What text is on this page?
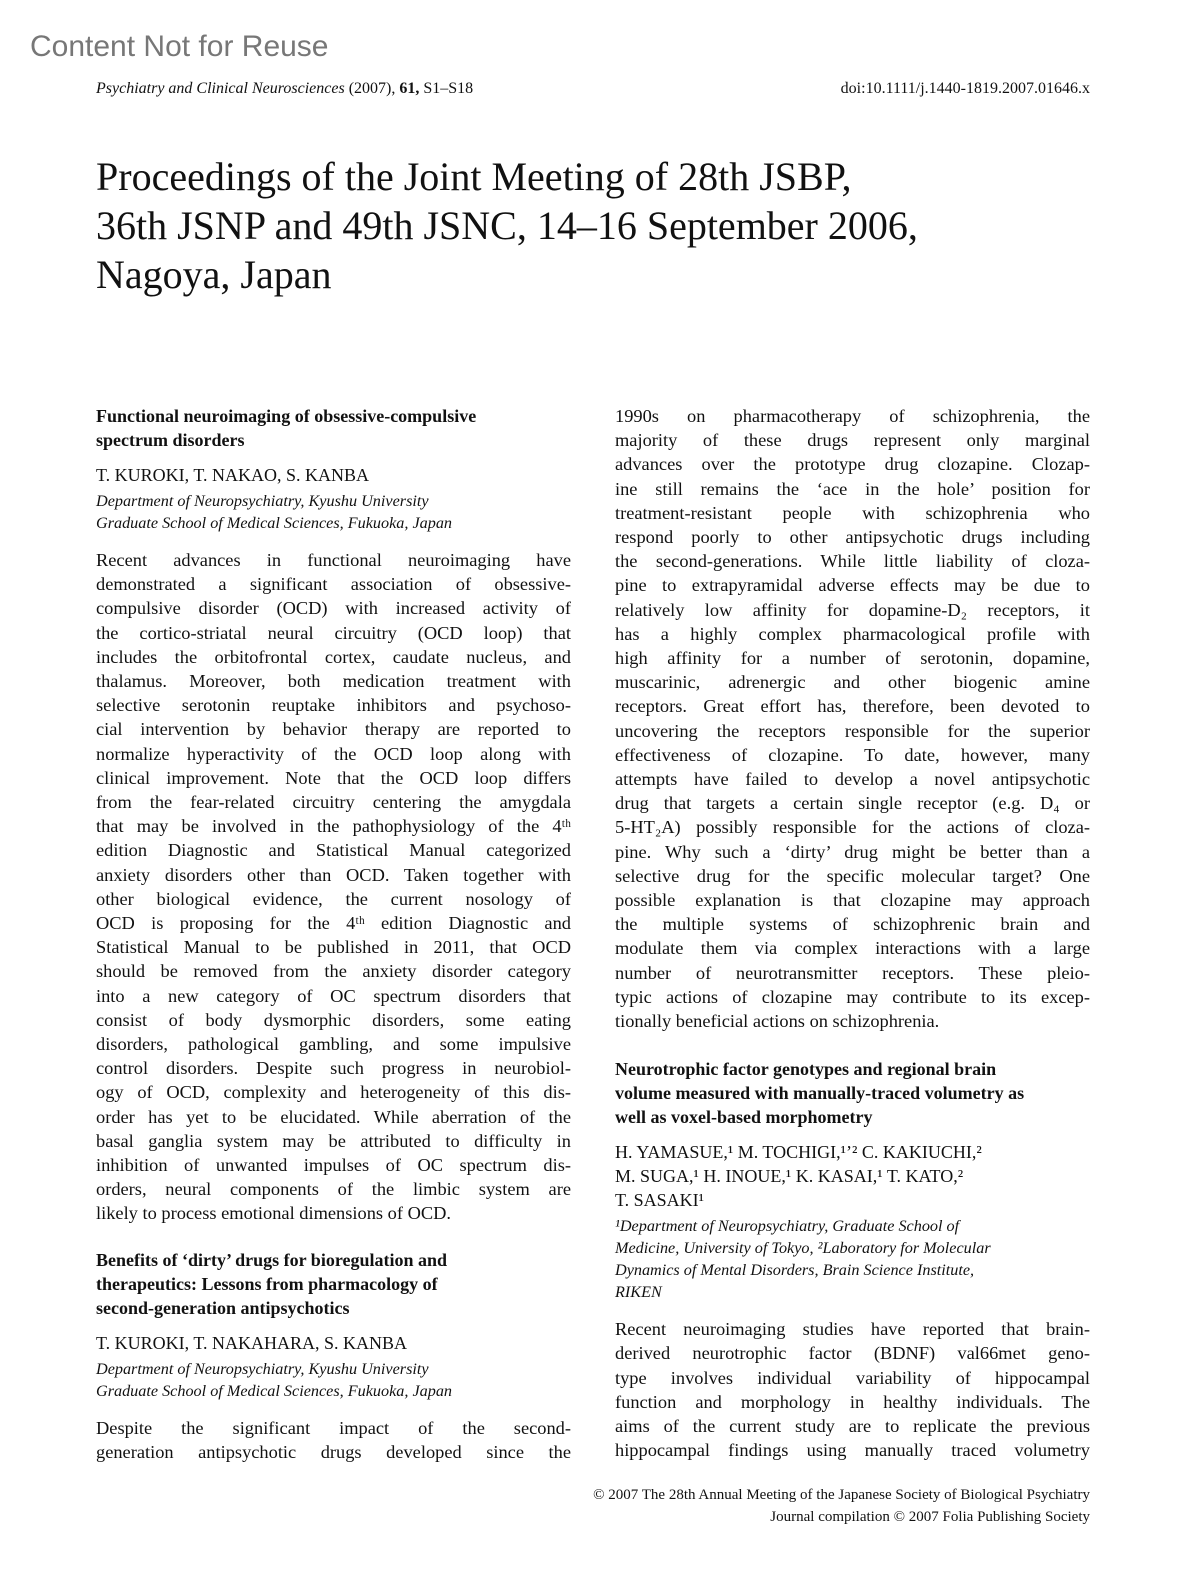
Content Not for Reuse
Psychiatry and Clinical Neurosciences (2007), 61, S1–S18	doi:10.1111/j.1440-1819.2007.01646.x
Proceedings of the Joint Meeting of 28th JSBP,
36th JSNP and 49th JSNC, 14–16 September 2006,
Nagoya, Japan
Functional neuroimaging of obsessive-compulsive
spectrum disorders
T. KUROKI, T. NAKAO, S. KANBA
Department of Neuropsychiatry, Kyushu University
Graduate School of Medical Sciences, Fukuoka, Japan
Recent advances in functional neuroimaging have
demonstrated a significant association of obsessive-
compulsive disorder (OCD) with increased activity of
the cortico-striatal neural circuitry (OCD loop) that
includes the orbitofrontal cortex, caudate nucleus, and
thalamus. Moreover, both medication treatment with
selective serotonin reuptake inhibitors and psychoso-
cial intervention by behavior therapy are reported to
normalize hyperactivity of the OCD loop along with
clinical improvement. Note that the OCD loop differs
from the fear-related circuitry centering the amygdala
that may be involved in the pathophysiology of the 4ᵗʰ
edition Diagnostic and Statistical Manual categorized
anxiety disorders other than OCD. Taken together with
other biological evidence, the current nosology of
OCD is proposing for the 4ᵗʰ edition Diagnostic and
Statistical Manual to be published in 2011, that OCD
should be removed from the anxiety disorder category
into a new category of OC spectrum disorders that
consist of body dysmorphic disorders, some eating
disorders, pathological gambling, and some impulsive
control disorders. Despite such progress in neurobiol-
ogy of OCD, complexity and heterogeneity of this dis-
order has yet to be elucidated. While aberration of the
basal ganglia system may be attributed to difficulty in
inhibition of unwanted impulses of OC spectrum dis-
orders, neural components of the limbic system are
likely to process emotional dimensions of OCD.
Benefits of ‘dirty’ drugs for bioregulation and
therapeutics: Lessons from pharmacology of
second-generation antipsychotics
T. KUROKI, T. NAKAHARA, S. KANBA
Department of Neuropsychiatry, Kyushu University
Graduate School of Medical Sciences, Fukuoka, Japan
Despite the significant impact of the second-
generation antipsychotic drugs developed since the
1990s on pharmacotherapy of schizophrenia, the
majority of these drugs represent only marginal
advances over the prototype drug clozapine. Clozap-
ine still remains the ‘ace in the hole’ position for
treatment-resistant people with schizophrenia who
respond poorly to other antipsychotic drugs including
the second-generations. While little liability of cloza-
pine to extrapyramidal adverse effects may be due to
relatively low affinity for dopamine-D₂ receptors, it
has a highly complex pharmacological profile with
high affinity for a number of serotonin, dopamine,
muscarinic, adrenergic and other biogenic amine
receptors. Great effort has, therefore, been devoted to
uncovering the receptors responsible for the superior
effectiveness of clozapine. To date, however, many
attempts have failed to develop a novel antipsychotic
drug that targets a certain single receptor (e.g. D₄ or
5-HT₂A) possibly responsible for the actions of cloza-
pine. Why such a ‘dirty’ drug might be better than a
selective drug for the specific molecular target? One
possible explanation is that clozapine may approach
the multiple systems of schizophrenic brain and
modulate them via complex interactions with a large
number of neurotransmitter receptors. These pleio-
typic actions of clozapine may contribute to its excep-
tionally beneficial actions on schizophrenia.
Neurotrophic factor genotypes and regional brain
volume measured with manually-traced volumetry as
well as voxel-based morphometry
H. YAMASUE,¹ M. TOCHIGI,¹ʼ² C. KAKIUCHI,²
M. SUGA,¹ H. INOUE,¹ K. KASAI,¹ T. KATO,²
T. SASAKI¹
¹Department of Neuropsychiatry, Graduate School of
Medicine, University of Tokyo, ²Laboratory for Molecular
Dynamics of Mental Disorders, Brain Science Institute,
RIKEN
Recent neuroimaging studies have reported that brain-
derived neurotrophic factor (BDNF) val66met geno-
type involves individual variability of hippocampal
function and morphology in healthy individuals. The
aims of the current study are to replicate the previous
hippocampal findings using manually traced volumetry
© 2007 The 28th Annual Meeting of the Japanese Society of Biological Psychiatry
Journal compilation © 2007 Folia Publishing Society
